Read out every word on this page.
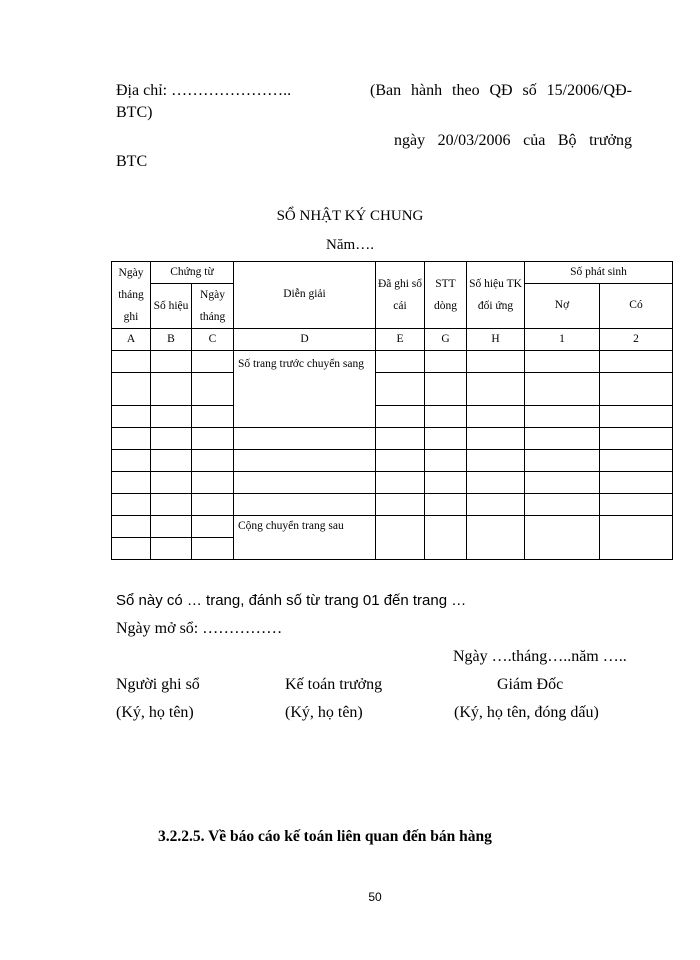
Địa chỉ: …………………..	(Ban hành theo QĐ số 15/2006/QĐ-
BTC)
ngày 20/03/2006 của Bộ trưởng
BTC
SỔ NHẬT KÝ CHUNG
Năm….
Ngày tháng ghi	Chứng từ		Diễn giải	Đã ghi sổ cái	STT dòng	Số hiệu TK đối ứng	Số phát sinh	
	Số hiệu	Ngày tháng					Nợ	Có
A	B	C	D	E	G	H	1	2
			Số trang trước chuyển sang					

			Cộng chuyển trang sau					

Sổ này có … trang, đánh số từ trang 01 đến trang …
Ngày mở sổ: ……………
Ngày ….tháng…..năm …..
Người ghi sổ	Kế toán trưởng	Giám Đốc
(Ký, họ tên)	(Ký, họ tên)	(Ký, họ tên, đóng dấu)
3.2.2.5. Về báo cáo kế toán liên quan đến bán hàng
50
